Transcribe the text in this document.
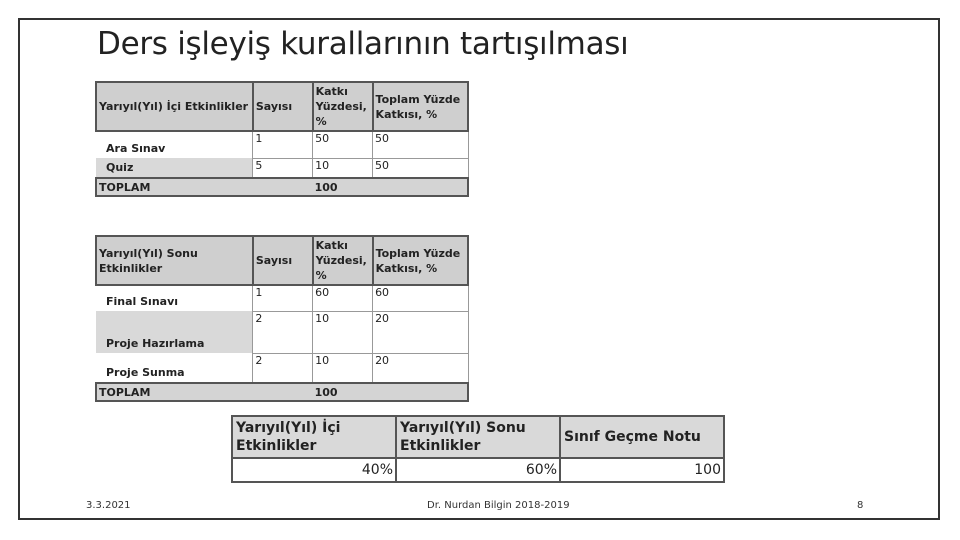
Ders işleyiş kurallarının tartışılması
Yarıyıl(Yıl) İçi Etkinlikler	Sayısı	Katkı Yüzdesi, %	Toplam Yüzde Katkısı, %
Ara Sınav	1	50	50
Quiz	5	10	50
TOPLAM		100	
Yarıyıl(Yıl) Sonu Etkinlikler	Sayısı	Katkı Yüzdesi, %	Toplam Yüzde Katkısı, %
Final Sınavı	1	60	60
Proje Hazırlama	2	10	20
Proje Sunma	2	10	20
TOPLAM		100	
Yarıyıl(Yıl) İçi Etkinlikler	Yarıyıl(Yıl) Sonu Etkinlikler	Sınıf Geçme Notu
40%	60%	100
3.3.2021	Dr. Nurdan Bilgin 2018-2019	8
